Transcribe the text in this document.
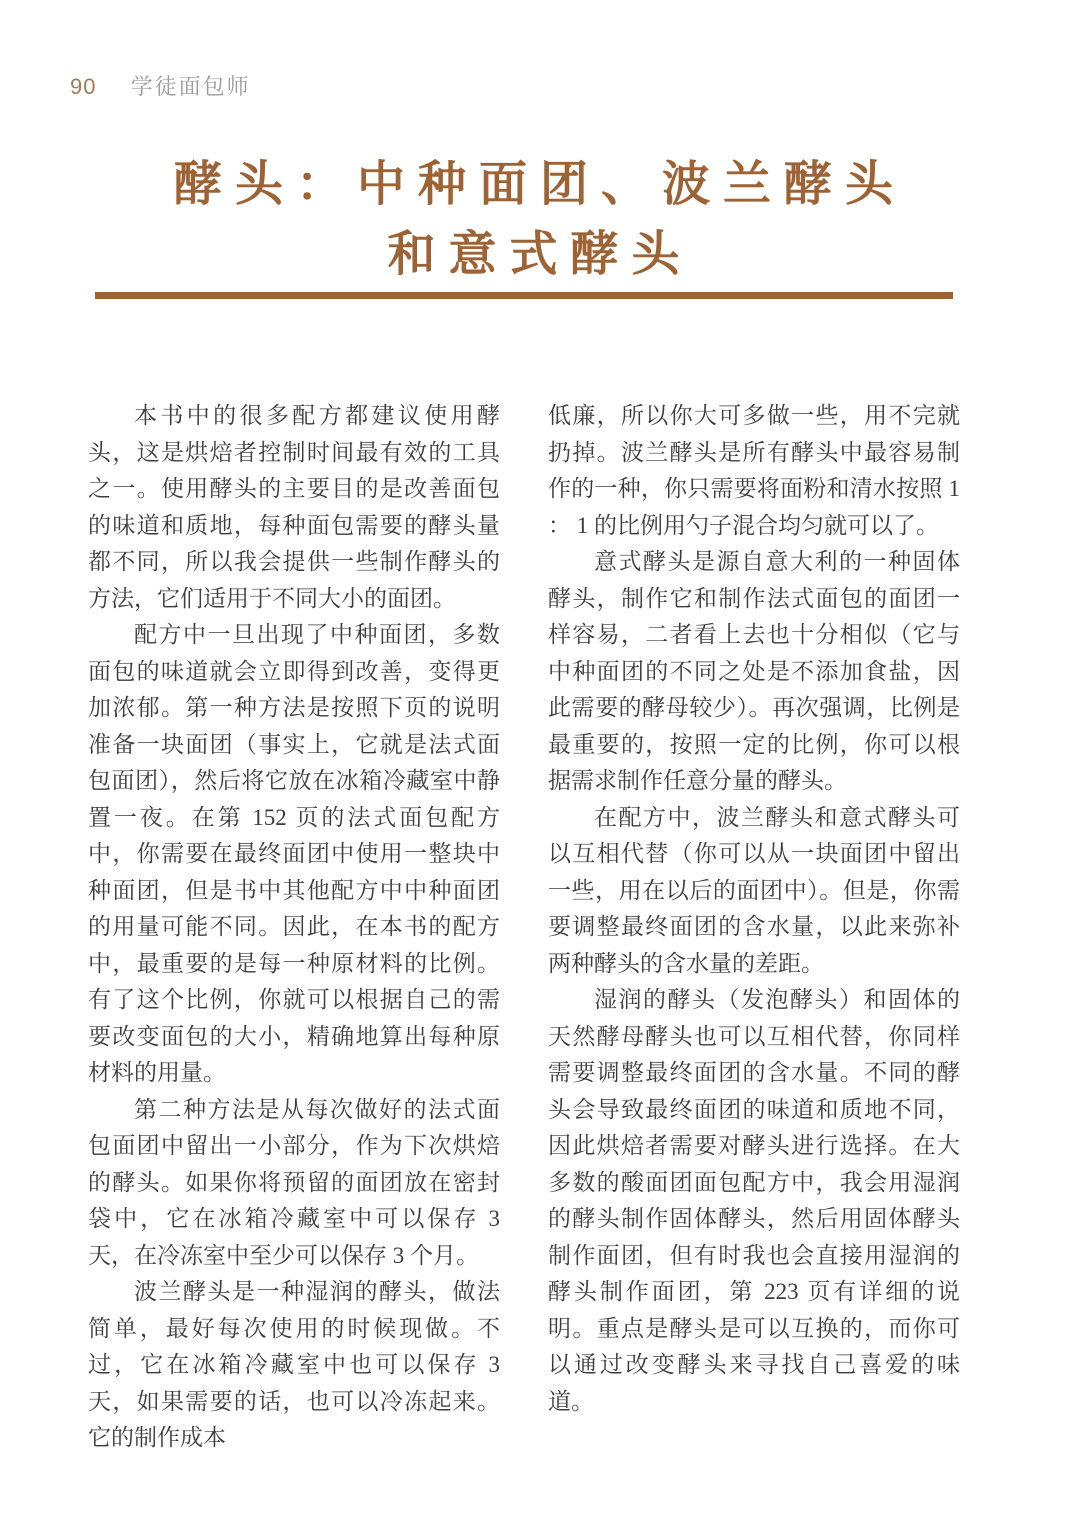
90 学徒面包师
酵头：中种面团、波兰酵头
和意式酵头

本书中的很多配方都建议使用酵头，这是烘焙者控制时间最有效的工具之一。使用酵头的主要目的是改善面包的味道和质地，每种面包需要的酵头量都不同，所以我会提供一些制作酵头的方法，它们适用于不同大小的面团。

配方中一旦出现了中种面团，多数面包的味道就会立即得到改善，变得更加浓郁。第一种方法是按照下页的说明准备一块面团（事实上，它就是法式面包面团），然后将它放在冰箱冷藏室中静置一夜。在第 152 页的法式面包配方中，你需要在最终面团中使用一整块中种面团，但是书中其他配方中中种面团的用量可能不同。因此，在本书的配方中，最重要的是每一种原材料的比例。有了这个比例，你就可以根据自己的需要改变面包的大小，精确地算出每种原材料的用量。

第二种方法是从每次做好的法式面包面团中留出一小部分，作为下次烘焙的酵头。如果你将预留的面团放在密封袋中，它在冰箱冷藏室中可以保存 3 天，在冷冻室中至少可以保存 3 个月。

波兰酵头是一种湿润的酵头，做法简单，最好每次使用的时候现做。不过，它在冰箱冷藏室中也可以保存 3 天，如果需要的话，也可以冷冻起来。它的制作成本

低廉，所以你大可多做一些，用不完就扔掉。波兰酵头是所有酵头中最容易制作的一种，你只需要将面粉和清水按照 1 ： 1 的比例用勺子混合均匀就可以了。

意式酵头是源自意大利的一种固体酵头，制作它和制作法式面包的面团一样容易，二者看上去也十分相似（它与中种面团的不同之处是不添加食盐，因此需要的酵母较少）。再次强调，比例是最重要的，按照一定的比例，你可以根据需求制作任意分量的酵头。

在配方中，波兰酵头和意式酵头可以互相代替（你可以从一块面团中留出一些，用在以后的面团中）。但是，你需要调整最终面团的含水量，以此来弥补两种酵头的含水量的差距。

湿润的酵头（发泡酵头）和固体的天然酵母酵头也可以互相代替，你同样需要调整最终面团的含水量。不同的酵头会导致最终面团的味道和质地不同，因此烘焙者需要对酵头进行选择。在大多数的酸面团面包配方中，我会用湿润的酵头制作固体酵头，然后用固体酵头制作面团，但有时我也会直接用湿润的酵头制作面团，第 223 页有详细的说明。重点是酵头是可以互换的，而你可以通过改变酵头来寻找自己喜爱的味道。
